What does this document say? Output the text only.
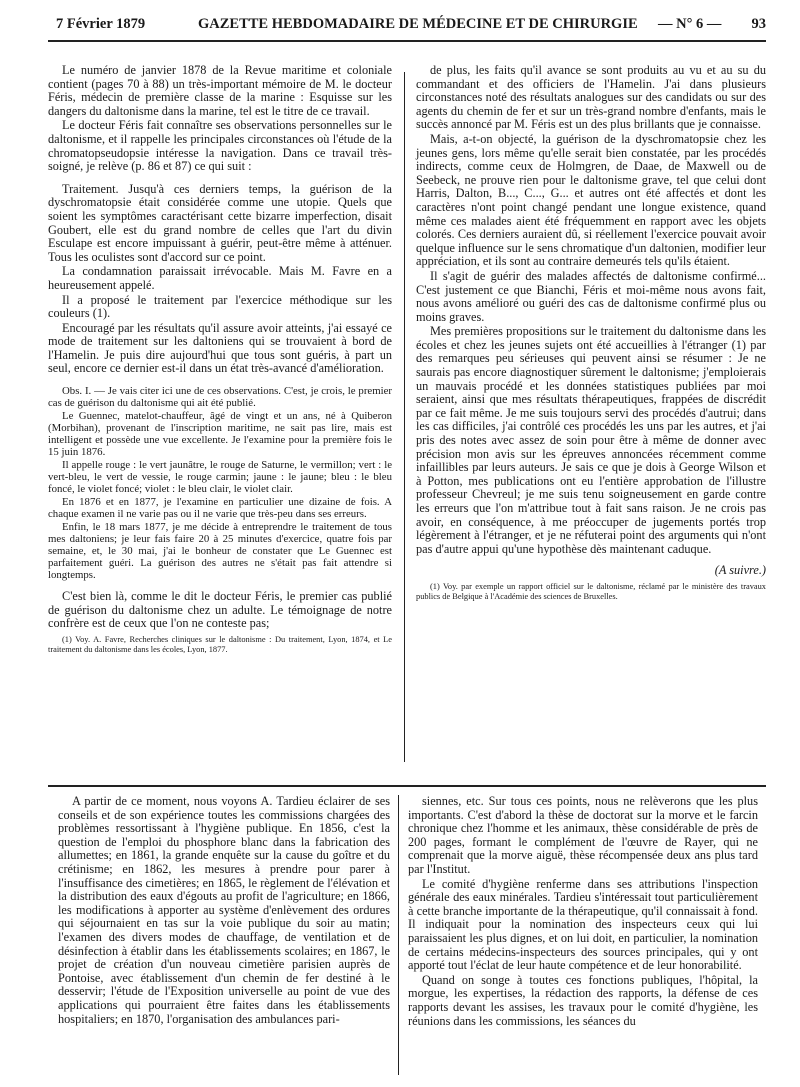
7 Février 1879	GAZETTE HEBDOMADAIRE DE MÉDECINE ET DE CHIRURGIE — N° 6 — 93

Le numéro de janvier 1878 de la Revue maritime et coloniale contient (pages 70 à 88) un très-important mémoire de M. le docteur Féris, médecin de première classe de la marine : Esquisse sur les dangers du daltonisme dans la marine, tel est le titre de ce travail.

Le docteur Féris fait connaître ses observations personnelles sur le daltonisme, et il rappelle les principales circonstances où l'étude de la chromatopseudopsie intéresse la navigation. Dans ce travail très-soigné, je relève (p. 86 et 87) ce qui suit :

Traitement. Jusqu'à ces derniers temps, la guérison de la dyschromatopsie était considérée comme une utopie. Quels que soient les symptômes caractérisant cette bizarre imperfection, disait Goubert, elle est du grand nombre de celles que l'art du divin Esculape est encore impuissant à guérir, peut-être même à atténuer. Tous les oculistes sont d'accord sur ce point.

La condamnation paraissait irrévocable. Mais M. Favre en a heureusement appelé.

Il a proposé le traitement par l'exercice méthodique sur les couleurs (1).

Encouragé par les résultats qu'il assure avoir atteints, j'ai essayé ce mode de traitement sur les daltoniens qui se trouvaient à bord de l'Hamelin. Je puis dire aujourd'hui que tous sont guéris, à part un seul, encore ce dernier est-il dans un état très-avancé d'amélioration.

Obs. I. — Je vais citer ici une de ces observations. C'est, je crois, le premier cas de guérison du daltonisme qui ait été publié.

Le Guennec, matelot-chauffeur, âgé de vingt et un ans, né à Quiberon (Morbihan), provenant de l'inscription maritime, ne sait pas lire, mais est intelligent et possède une vue excellente. Je l'examine pour la première fois le 15 juin 1876.

Il appelle rouge : le vert jaunâtre, le rouge de Saturne, le vermillon; vert : le vert-bleu, le vert de vessie, le rouge carmin; jaune : le jaune; bleu : le bleu foncé, le violet foncé; violet : le bleu clair, le violet clair.

En 1876 et en 1877, je l'examine en particulier une dizaine de fois. A chaque examen il ne varie pas ou il ne varie que très-peu dans ses erreurs.

Enfin, le 18 mars 1877, je me décide à entreprendre le traitement de tous mes daltoniens; je leur fais faire 20 à 25 minutes d'exercice, quatre fois par semaine, et, le 30 mai, j'ai le bonheur de constater que Le Guennec est parfaitement guéri. La guérison des autres ne s'était pas fait attendre si longtemps.

C'est bien là, comme le dit le docteur Féris, le premier cas publié de guérison du daltonisme chez un adulte. Le témoignage de notre confrère est de ceux que l'on ne conteste pas;

(1) Voy. A. Favre, Recherches cliniques sur le daltonisme : Du traitement, Lyon, 1874, et Le traitement du daltonisme dans les écoles, Lyon, 1877.

de plus, les faits qu'il avance se sont produits au vu et au su du commandant et des officiers de l'Hamelin. J'ai dans plusieurs circonstances noté des résultats analogues sur des candidats ou sur des agents du chemin de fer et sur un très-grand nombre d'enfants, mais le succès annoncé par M. Féris est un des plus brillants que je connaisse.

Mais, a-t-on objecté, la guérison de la dyschromatopsie chez les jeunes gens, lors même qu'elle serait bien constatée, par les procédés indirects, comme ceux de Holmgren, de Daae, de Maxwell ou de Seebeck, ne prouve rien pour le daltonisme grave, tel que celui dont Harris, Dalton, B..., C..., G... et autres ont été affectés et dont les caractères n'ont point changé pendant une longue existence, quand même ces malades aient été fréquemment en rapport avec les objets colorés. Ces derniers auraient dû, si réellement l'exercice pouvait avoir quelque influence sur le sens chromatique d'un daltonien, modifier leur appréciation, et ils sont au contraire demeurés tels qu'ils étaient.

Il s'agit de guérir des malades affectés de daltonisme confirmé... C'est justement ce que Bianchi, Féris et moi-même nous avons fait, nous avons amélioré ou guéri des cas de daltonisme confirmé plus ou moins graves.

Mes premières propositions sur le traitement du daltonisme dans les écoles et chez les jeunes sujets ont été accueillies à l'étranger (1) par des remarques peu sérieuses qui peuvent ainsi se résumer : Je ne saurais pas encore diagnostiquer sûrement le daltonisme; j'emploierais un mauvais procédé et les données statistiques publiées par moi seraient, ainsi que mes résultats thérapeutiques, frappées de discrédit par ce fait même. Je me suis toujours servi des procédés d'autrui; dans les cas difficiles, j'ai contrôlé ces procédés les uns par les autres, et j'ai pris des notes avec assez de soin pour être à même de donner avec précision mon avis sur les épreuves annoncées récemment comme infaillibles par leurs auteurs. Je sais ce que je dois à George Wilson et à Potton, mes publications ont eu l'entière approbation de l'illustre professeur Chevreul; je me suis tenu soigneusement en garde contre les erreurs que l'on m'attribue tout à fait sans raison. Je ne crois pas avoir, en conséquence, à me préoccuper de jugements portés trop légèrement à l'étranger, et je ne réfuterai point des arguments qui n'ont pas d'autre appui qu'une hypothèse dès maintenant caduque.

(A suivre.)

(1) Voy. par exemple un rapport officiel sur le daltonisme, réclamé par le ministère des travaux publics de Belgique à l'Académie des sciences de Bruxelles.

A partir de ce moment, nous voyons A. Tardieu éclairer de ses conseils et de son expérience toutes les commissions chargées des problèmes ressortissant à l'hygiène publique. En 1856, c'est la question de l'emploi du phosphore blanc dans la fabrication des allumettes; en 1861, la grande enquête sur la cause du goître et du crétinisme; en 1862, les mesures à prendre pour parer à l'insuffisance des cimetières; en 1865, le règlement de l'élévation et la distribution des eaux d'égouts au profit de l'agriculture; en 1866, les modifications à apporter au système d'enlèvement des ordures qui séjournaient en tas sur la voie publique du soir au matin; l'examen des divers modes de chauffage, de ventilation et de désinfection à établir dans les établissements scolaires; en 1867, le projet de création d'un nouveau cimetière parisien auprès de Pontoise, avec établissement d'un chemin de fer destiné à le desservir; l'étude de l'Exposition universelle au point de vue des applications qui pourraient être faites dans les établissements hospitaliers; en 1870, l'organisation des ambulances pari-

siennes, etc. Sur tous ces points, nous ne relèverons que les plus importants. C'est d'abord la thèse de doctorat sur la morve et le farcin chronique chez l'homme et les animaux, thèse considérable de près de 200 pages, formant le complément de l'œuvre de Rayer, qui ne comprenait que la morve aiguë, thèse récompensée deux ans plus tard par l'Institut.

Le comité d'hygiène renferme dans ses attributions l'inspection générale des eaux minérales. Tardieu s'intéressait tout particulièrement à cette branche importante de la thérapeutique, qu'il connaissait à fond. Il indiquait pour la nomination des inspecteurs ceux qui lui paraissaient les plus dignes, et on lui doit, en particulier, la nomination de certains médecins-inspecteurs des sources principales, qui y ont apporté tout l'éclat de leur haute compétence et de leur honorabilité.

Quand on songe à toutes ces fonctions publiques, l'hôpital, la morgue, les expertises, la rédaction des rapports, la défense de ces rapports devant les assises, les travaux pour le comité d'hygiène, les réunions dans les commissions, les séances du
